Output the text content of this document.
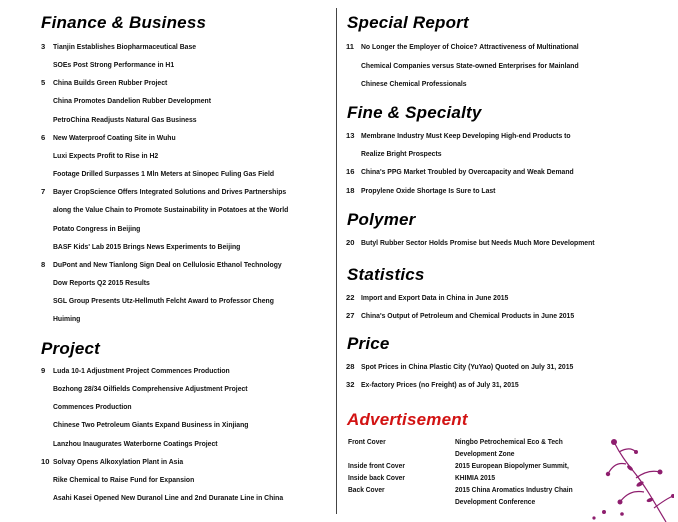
Finance & Business
3 Tianjin Establishes Biopharmaceutical Base
SOEs Post Strong Performance in H1
5 China Builds Green Rubber Project
China Promotes Dandelion Rubber Development
PetroChina Readjusts Natural Gas Business
6 New Waterproof Coating Site in Wuhu
Luxi Expects Profit to Rise in H2
Footage Drilled Surpasses 1 Mln Meters at Sinopec Fuling Gas Field
7 Bayer CropScience Offers Integrated Solutions and Drives Partnerships
along the Value Chain to Promote Sustainability in Potatoes at the World
Potato Congress in Beijing
BASF Kids' Lab 2015 Brings News Experiments to Beijing
8 DuPont and New Tianlong Sign Deal on Cellulosic Ethanol Technology
Dow Reports Q2 2015 Results
SGL Group Presents Utz-Hellmuth Felcht Award to Professor Cheng
Huiming
Project
9 Luda 10-1 Adjustment Project Commences Production
Bozhong 28/34 Oilfields Comprehensive Adjustment Project
Commences Production
Chinese Two Petroleum Giants Expand Business in Xinjiang
Lanzhou Inaugurates Waterborne Coatings Project
10 Solvay Opens Alkoxylation Plant in Asia
Rike Chemical to Raise Fund for Expansion
Asahi Kasei Opened New Duranol Line and 2nd Duranate Line in China
Special Report
11 No Longer the Employer of Choice? Attractiveness of Multinational
Chemical Companies versus State-owned Enterprises for Mainland
Chinese Chemical Professionals
Fine & Specialty
13 Membrane Industry Must Keep Developing High-end Products to
Realize Bright Prospects
16 China's PPG Market Troubled by Overcapacity and Weak Demand
18 Propylene Oxide Shortage Is Sure to Last
Polymer
20 Butyl Rubber Sector Holds Promise but Needs Much More Development
Statistics
22 Import and Export Data in China in June 2015
27 China's Output of Petroleum and Chemical Products in June 2015
Price
28 Spot Prices in China Plastic City (YuYao) Quoted on July 31, 2015
32 Ex-factory Prices (no Freight) as of July 31, 2015
Advertisement
Front Cover	Ningbo Petrochemical Eco & Tech
Development Zone
Inside front Cover	2015 European Biopolymer Summit,
Inside back Cover	KHIMIA 2015
Back Cover	2015 China Aromatics Industry Chain
Development Conference
